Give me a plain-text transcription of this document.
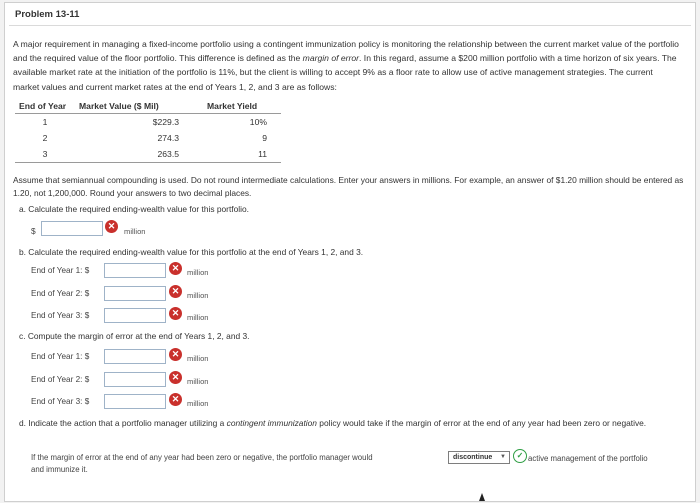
Problem 13-11
A major requirement in managing a fixed-income portfolio using a contingent immunization policy is monitoring the relationship between the current market value of the portfolio and the required value of the floor portfolio. This difference is defined as the margin of error. In this regard, assume a $200 million portfolio with a time horizon of six years. The available market rate at the initiation of the portfolio is 11%, but the client is willing to accept 9% as a floor rate to allow use of active management strategies. The current market values and current market rates at the end of Years 1, 2, and 3 are as follows:
End of Year	Market Value ($ Mil)	Market Yield
1	$229.3	10%
2	274.3	9
3	263.5	11
Assume that semiannual compounding is used. Do not round intermediate calculations. Enter your answers in millions. For example, an answer of $1.20 million should be entered as 1.20, not 1,200,000. Round your answers to two decimal places.
a. Calculate the required ending-wealth value for this portfolio.
$	✕
million
b. Calculate the required ending-wealth value for this portfolio at the end of Years 1, 2, and 3.
End of Year 1: $	✕	million
End of Year 2: $	✕	million
End of Year 3: $	✕	million
c. Compute the margin of error at the end of Years 1, 2, and 3.
End of Year 1: $	✕	million
End of Year 2: $	✕	million
End of Year 3: $	✕	million
d. Indicate the action that a portfolio manager utilizing a contingent immunization policy would take if the margin of error at the end of any year had been zero or negative.
If the margin of error at the end of any year had been zero or negative, the portfolio manager would	discontinue ▼	✓ active management of the portfolio
and immunize it.
